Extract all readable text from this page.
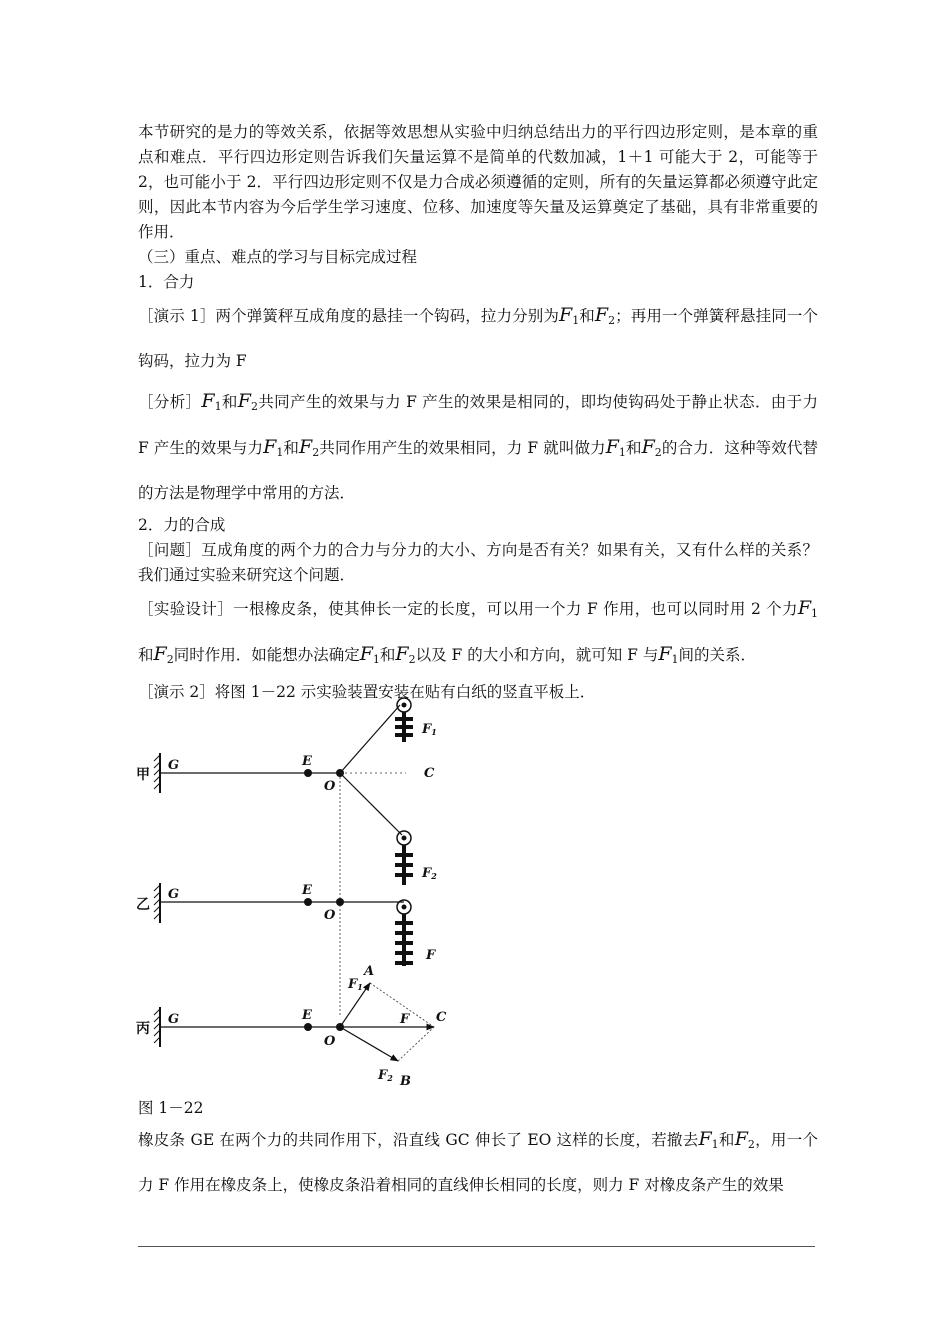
本节研究的是力的等效关系，依据等效思想从实验中归纳总结出力的平行四边形定则，是本章的重点和难点．平行四边形定则告诉我们矢量运算不是简单的代数加减，1＋1 可能大于 2，可能等于 2，也可能小于 2．平行四边形定则不仅是力合成必须遵循的定则，所有的矢量运算都必须遵守此定则，因此本节内容为今后学生学习速度、位移、加速度等矢量及运算奠定了基础，具有非常重要的作用．

（三）重点、难点的学习与目标完成过程

1．合力

［演示 1］两个弹簧秤互成角度的悬挂一个钩码，拉力分别为$F_1$和$F_2$；再用一个弹簧秤悬挂同一个钩码，拉力为 F

［分析$]F_1$和$F_2$共同产生的效果与力 F 产生的效果是相同的，即均使钩码处于静止状态．由于力 F 产生的效果与力$F_1$和$F_2$共同作用产生的效果相同，力 F 就叫做力$F_1$和$F_2$的合力．这种等效代替的方法是物理学中常用的方法．

2．力的合成

［问题］互成角度的两个力的合力与分力的大小、方向是否有关？如果有关，又有什么样的关系？我们通过实验来研究这个问题．

［实验设计］一根橡皮条，使其伸长一定的长度，可以用一个力 F 作用，也可以同时用 2 个力$F_1$和$F_2$同时作用．如能想办法确定$F_1$和$F_2$以及 F 的大小和方向，就可知 F 与$F_1$间的关系．

［演示 2］将图 1－22 示实验装置安装在贴有白纸的竖直平板上．

甲
G	E
O
C
F1
F2
乙
G	E
O
F
丙
G	E
O
A
F1
C
F
F2 B
图 1－22

橡皮条 GE 在两个力的共同作用下，沿直线 GC 伸长了 EO 这样的长度，若撤去$F_1$和$F_2$，用一个力 F 作用在橡皮条上，使橡皮条沿着相同的直线伸长相同的长度，则力 F 对橡皮条产生的效果
